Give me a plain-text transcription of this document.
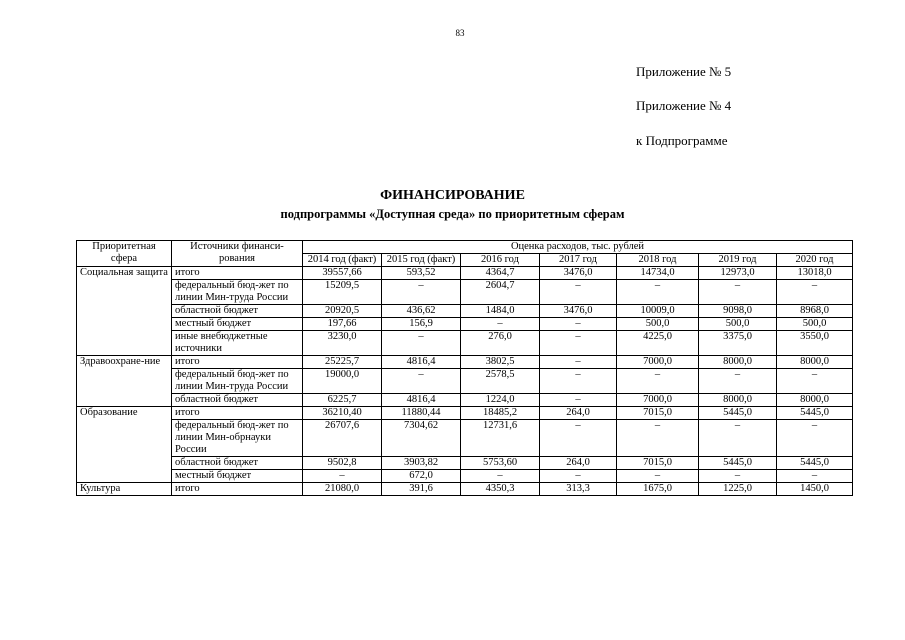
83
Приложение № 5
Приложение № 4
к Подпрограмме
ФИНАНСИРОВАНИЕ
подпрограммы «Доступная среда» по приоритетным сферам
Приоритетная сфера	Источники финанси-рования	Оценка расходов, тыс. рублей						
		2014 год (факт)	2015 год (факт)	2016 год	2017 год	2018 год	2019 год	2020 год
Социальная защита	итого	39557,66	593,52	4364,7	3476,0	14734,0	12973,0	13018,0
	федеральный бюд-жет по линии Мин-труда России	15209,5	–	2604,7	–	–	–	–
	областной бюджет	20920,5	436,62	1484,0	3476,0	10009,0	9098,0	8968,0
	местный бюджет	197,66	156,9	–	–	500,0	500,0	500,0
	иные внебюджетные источники	3230,0	–	276,0	–	4225,0	3375,0	3550,0
Здравоохране-ние	итого	25225,7	4816,4	3802,5	–	7000,0	8000,0	8000,0
	федеральный бюд-жет по линии Мин-труда России	19000,0	–	2578,5	–	–	–	–
	областной бюджет	6225,7	4816,4	1224,0	–	7000,0	8000,0	8000,0
Образование	итого	36210,40	11880,44	18485,2	264,0	7015,0	5445,0	5445,0
	федеральный бюд-жет по линии Мин-обрнауки России	26707,6	7304,62	12731,6	–	–	–	–
	областной бюджет	9502,8	3903,82	5753,60	264,0	7015,0	5445,0	5445,0
	местный бюджет	–	672,0	–	–	–	–	–
Культура	итого	21080,0	391,6	4350,3	313,3	1675,0	1225,0	1450,0
